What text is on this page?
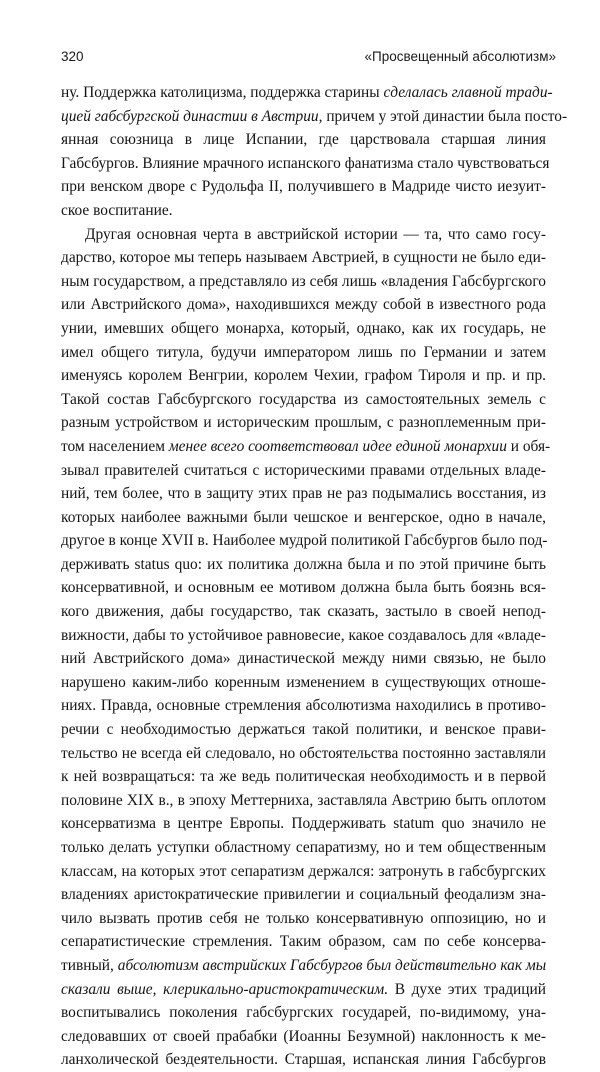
320	«Просвещенный абсолютизм»
ну. Поддержка католицизма, поддержка старины сделалась главной тради-
цией габсбургской династии в Австрии, причем у этой династии была посто-
янная союзница в лице Испании, где царствовала старшая линия
Габсбургов. Влияние мрачного испанского фанатизма стало чувствоваться
при венском дворе с Рудольфа II, получившего в Мадриде чисто иезуит-
ское воспитание.
Другая основная черта в австрийской истории — та, что само госу-
дарство, которое мы теперь называем Австрией, в сущности не было еди-
ным государством, а представляло из себя лишь «владения Габсбургского
или Австрийского дома», находившихся между собой в известного рода
унии, имевших общего монарха, который, однако, как их государь, не
имел общего титула, будучи императором лишь по Германии и затем
именуясь королем Венгрии, королем Чехии, графом Тироля и пр. и пр.
Такой состав Габсбургского государства из самостоятельных земель с
разным устройством и историческим прошлым, с разноплеменным при-
том населением менее всего соответствовал идее единой монархии и обя-
зывал правителей считаться с историческими правами отдельных владе-
ний, тем более, что в защиту этих прав не раз подымались восстания, из
которых наиболее важными были чешское и венгерское, одно в начале,
другое в конце XVII в. Наиболее мудрой политикой Габсбургов было под-
держивать status quo: их политика должна была и по этой причине быть
консервативной, и основным ее мотивом должна была быть боязнь вся-
кого движения, дабы государство, так сказать, застыло в своей непод-
вижности, дабы то устойчивое равновесие, какое создавалось для «владе-
ний Австрийского дома» династической между ними связью, не было
нарушено каким-либо коренным изменением в существующих отноше-
ниях. Правда, основные стремления абсолютизма находились в противо-
речии с необходимостью держаться такой политики, и венское прави-
тельство не всегда ей следовало, но обстоятельства постоянно заставляли
к ней возвращаться: та же ведь политическая необходимость и в первой
половине XIX в., в эпоху Меттерниха, заставляла Австрию быть оплотом
консерватизма в центре Европы. Поддерживать statum quo значило не
только делать уступки областному сепаратизму, но и тем общественным
классам, на которых этот сепаратизм держался: затронуть в габсбургских
владениях аристократические привилегии и социальный феодализм зна-
чило вызвать против себя не только консервативную оппозицию, но и
сепаратистические стремления. Таким образом, сам по себе консерва-
тивный, абсолютизм австрийских Габсбургов был действительно как мы
сказали выше, клерикально-аристократическим. В духе этих традиций
воспитывались поколения габсбургских государей, по-видимому, уна-
следовавших от своей прабабки (Иоанны Безумной) наклонность к ме-
ланхолической бездеятельности. Старшая, испанская линия Габсбургов
